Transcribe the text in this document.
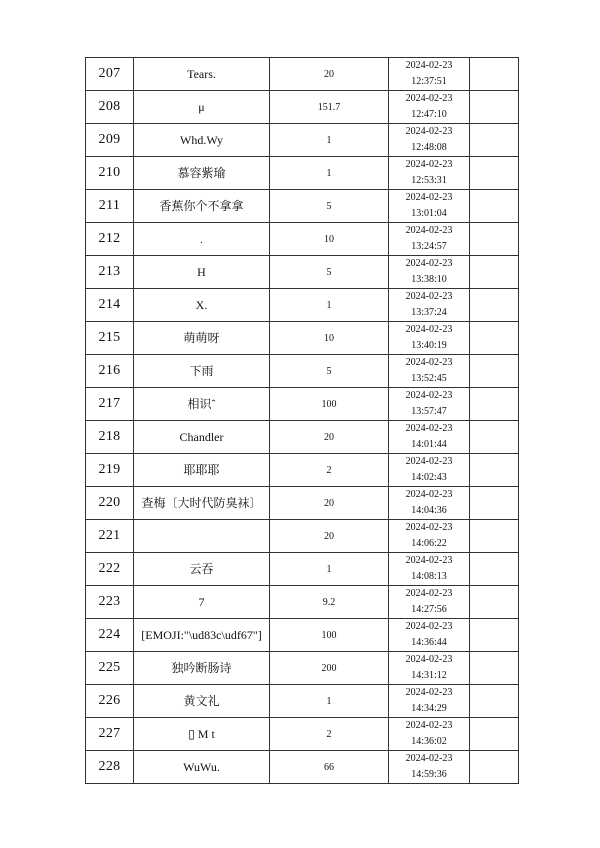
207	Tears.	20	2024-02-23
12:37:51	

208	μ	151.7	2024-02-23
12:47:10	

209	Whd.Wy	1	2024-02-23
12:48:08	

210	慕容紫瑜	1	2024-02-23
12:53:31	

211	香蕉你个不拿拿	5	2024-02-23
13:01:04	

212	.	10	2024-02-23
13:24:57	

213	H	5	2024-02-23
13:38:10	

214	X.	1	2024-02-23
13:37:24	

215	萌萌呀	10	2024-02-23
13:40:19	

216	下雨	5	2024-02-23
13:52:45	

217	相识ˆ	100	2024-02-23
13:57:47	

218	Chandler	20	2024-02-23
14:01:44	

219	耶耶耶	2	2024-02-23
14:02:43	

220	查梅〔大时代防臭袜〕	20	2024-02-23
14:04:36	

221		20	2024-02-23
14:06:22	

222	云吞	1	2024-02-23
14:08:13	

223	7	9.2	2024-02-23
14:27:56	

224	[EMOJI:"\ud83c\udf67"]	100	2024-02-23
14:36:44	

225	独吟断肠诗	200	2024-02-23
14:31:12	

226	黄文礼	1	2024-02-23
14:34:29	

227	▯ M t	2	2024-02-23
14:36:02	

228	WuWu.	66	2024-02-23
14:59:36	
